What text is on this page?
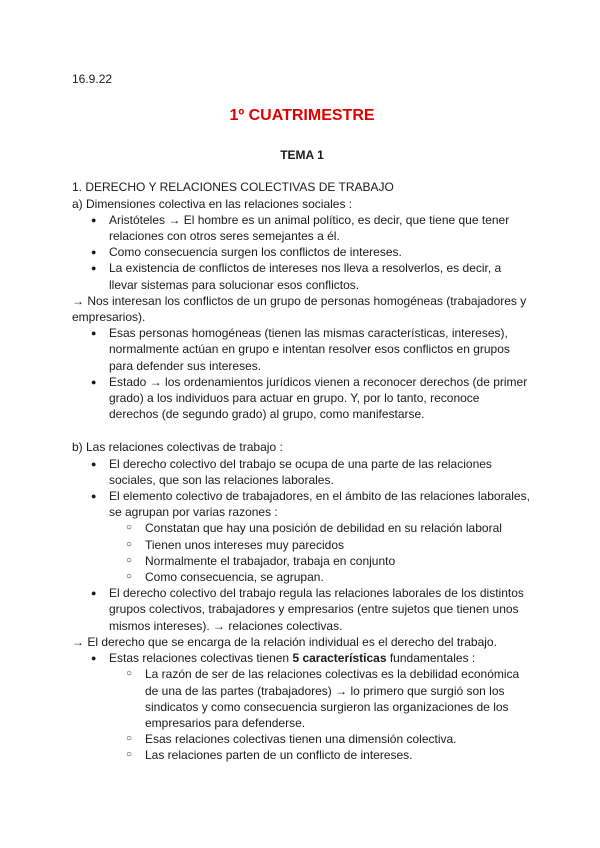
16.9.22

1º CUATRIMESTRE

TEMA 1

1. DERECHO Y RELACIONES COLECTIVAS DE TRABAJO

a) Dimensiones colectiva en las relaciones sociales :

● Aristóteles → El hombre es un animal político, es decir, que tiene que tener relaciones con otros seres semejantes a él.
● Como consecuencia surgen los conflictos de intereses.
● La existencia de conflictos de intereses nos lleva a resolverlos, es decir, a llevar sistemas para solucionar esos conflictos.

→ Nos interesan los conflictos de un grupo de personas homogéneas (trabajadores y empresarios).

● Esas personas homogéneas (tienen las mismas características, intereses), normalmente actúan en grupo e intentan resolver esos conflictos en grupos para defender sus intereses.
● Estado → los ordenamientos jurídicos vienen a reconocer derechos (de primer grado) a los individuos para actuar en grupo. Y, por lo tanto, reconoce derechos (de segundo grado) al grupo, como manifestarse.

b) Las relaciones colectivas de trabajo :

● El derecho colectivo del trabajo se ocupa de una parte de las relaciones sociales, que son las relaciones laborales.
● El elemento colectivo de trabajadores, en el ámbito de las relaciones laborales, se agrupan por varias razones :
○ Constatan que hay una posición de debilidad en su relación laboral
○ Tienen unos intereses muy parecidos
○ Normalmente el trabajador, trabaja en conjunto
○ Como consecuencia, se agrupan.
● El derecho colectivo del trabajo regula las relaciones laborales de los distintos grupos colectivos, trabajadores y empresarios (entre sujetos que tienen unos mismos intereses). → relaciones colectivas.

→ El derecho que se encarga de la relación individual es el derecho del trabajo.

● Estas relaciones colectivas tienen 5 características fundamentales :
○ La razón de ser de las relaciones colectivas es la debilidad económica de una de las partes (trabajadores) → lo primero que surgió son los sindicatos y como consecuencia surgieron las organizaciones de los empresarios para defenderse.
○ Esas relaciones colectivas tienen una dimensión colectiva.
○ Las relaciones parten de un conflicto de intereses.
